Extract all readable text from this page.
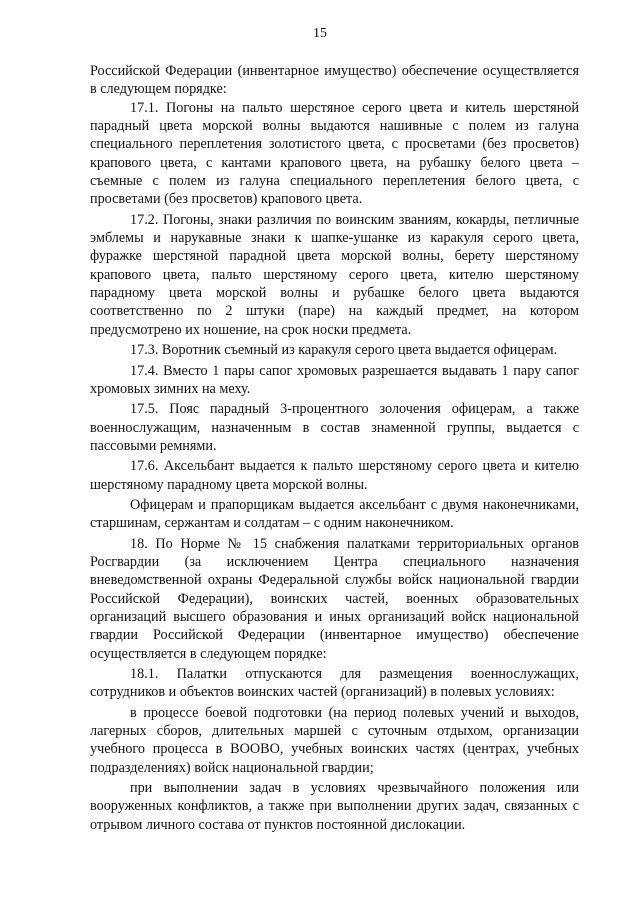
15

Российской Федерации (инвентарное имущество) обеспечение осуществляется в следующем порядке:

17.1. Погоны на пальто шерстяное серого цвета и китель шерстяной парадный цвета морской волны выдаются нашивные с полем из галуна специального переплетения золотистого цвета, с просветами (без просветов) крапового цвета, с кантами крапового цвета, на рубашку белого цвета – съемные с полем из галуна специального переплетения белого цвета, с просветами (без просветов) крапового цвета.

17.2. Погоны, знаки различия по воинским званиям, кокарды, петличные эмблемы и нарукавные знаки к шапке-ушанке из каракуля серого цвета, фуражке шерстяной парадной цвета морской волны, берету шерстяному крапового цвета, пальто шерстяному серого цвета, кителю шерстяному парадному цвета морской волны и рубашке белого цвета выдаются соответственно по 2 штуки (паре) на каждый предмет, на котором предусмотрено их ношение, на срок носки предмета.

17.3. Воротник съемный из каракуля серого цвета выдается офицерам.

17.4. Вместо 1 пары сапог хромовых разрешается выдавать 1 пару сапог хромовых зимних на меху.

17.5. Пояс парадный 3-процентного золочения офицерам, а также военнослужащим, назначенным в состав знаменной группы, выдается с пассовыми ремнями.

17.6. Аксельбант выдается к пальто шерстяному серого цвета и кителю шерстяному парадному цвета морской волны.

Офицерам и прапорщикам выдается аксельбант с двумя наконечниками, старшинам, сержантам и солдатам – с одним наконечником.

18. По Норме № 15 снабжения палатками территориальных органов Росгвардии (за исключением Центра специального назначения вневедомственной охраны Федеральной службы войск национальной гвардии Российской Федерации), воинских частей, военных образовательных организаций высшего образования и иных организаций войск национальной гвардии Российской Федерации (инвентарное имущество) обеспечение осуществляется в следующем порядке:

18.1. Палатки отпускаются для размещения военнослужащих, сотрудников и объектов воинских частей (организаций) в полевых условиях:

в процессе боевой подготовки (на период полевых учений и выходов, лагерных сборов, длительных маршей с суточным отдыхом, организации учебного процесса в ВООВО, учебных воинских частях (центрах, учебных подразделениях) войск национальной гвардии;

при выполнении задач в условиях чрезвычайного положения или вооруженных конфликтов, а также при выполнении других задач, связанных с отрывом личного состава от пунктов постоянной дислокации.
